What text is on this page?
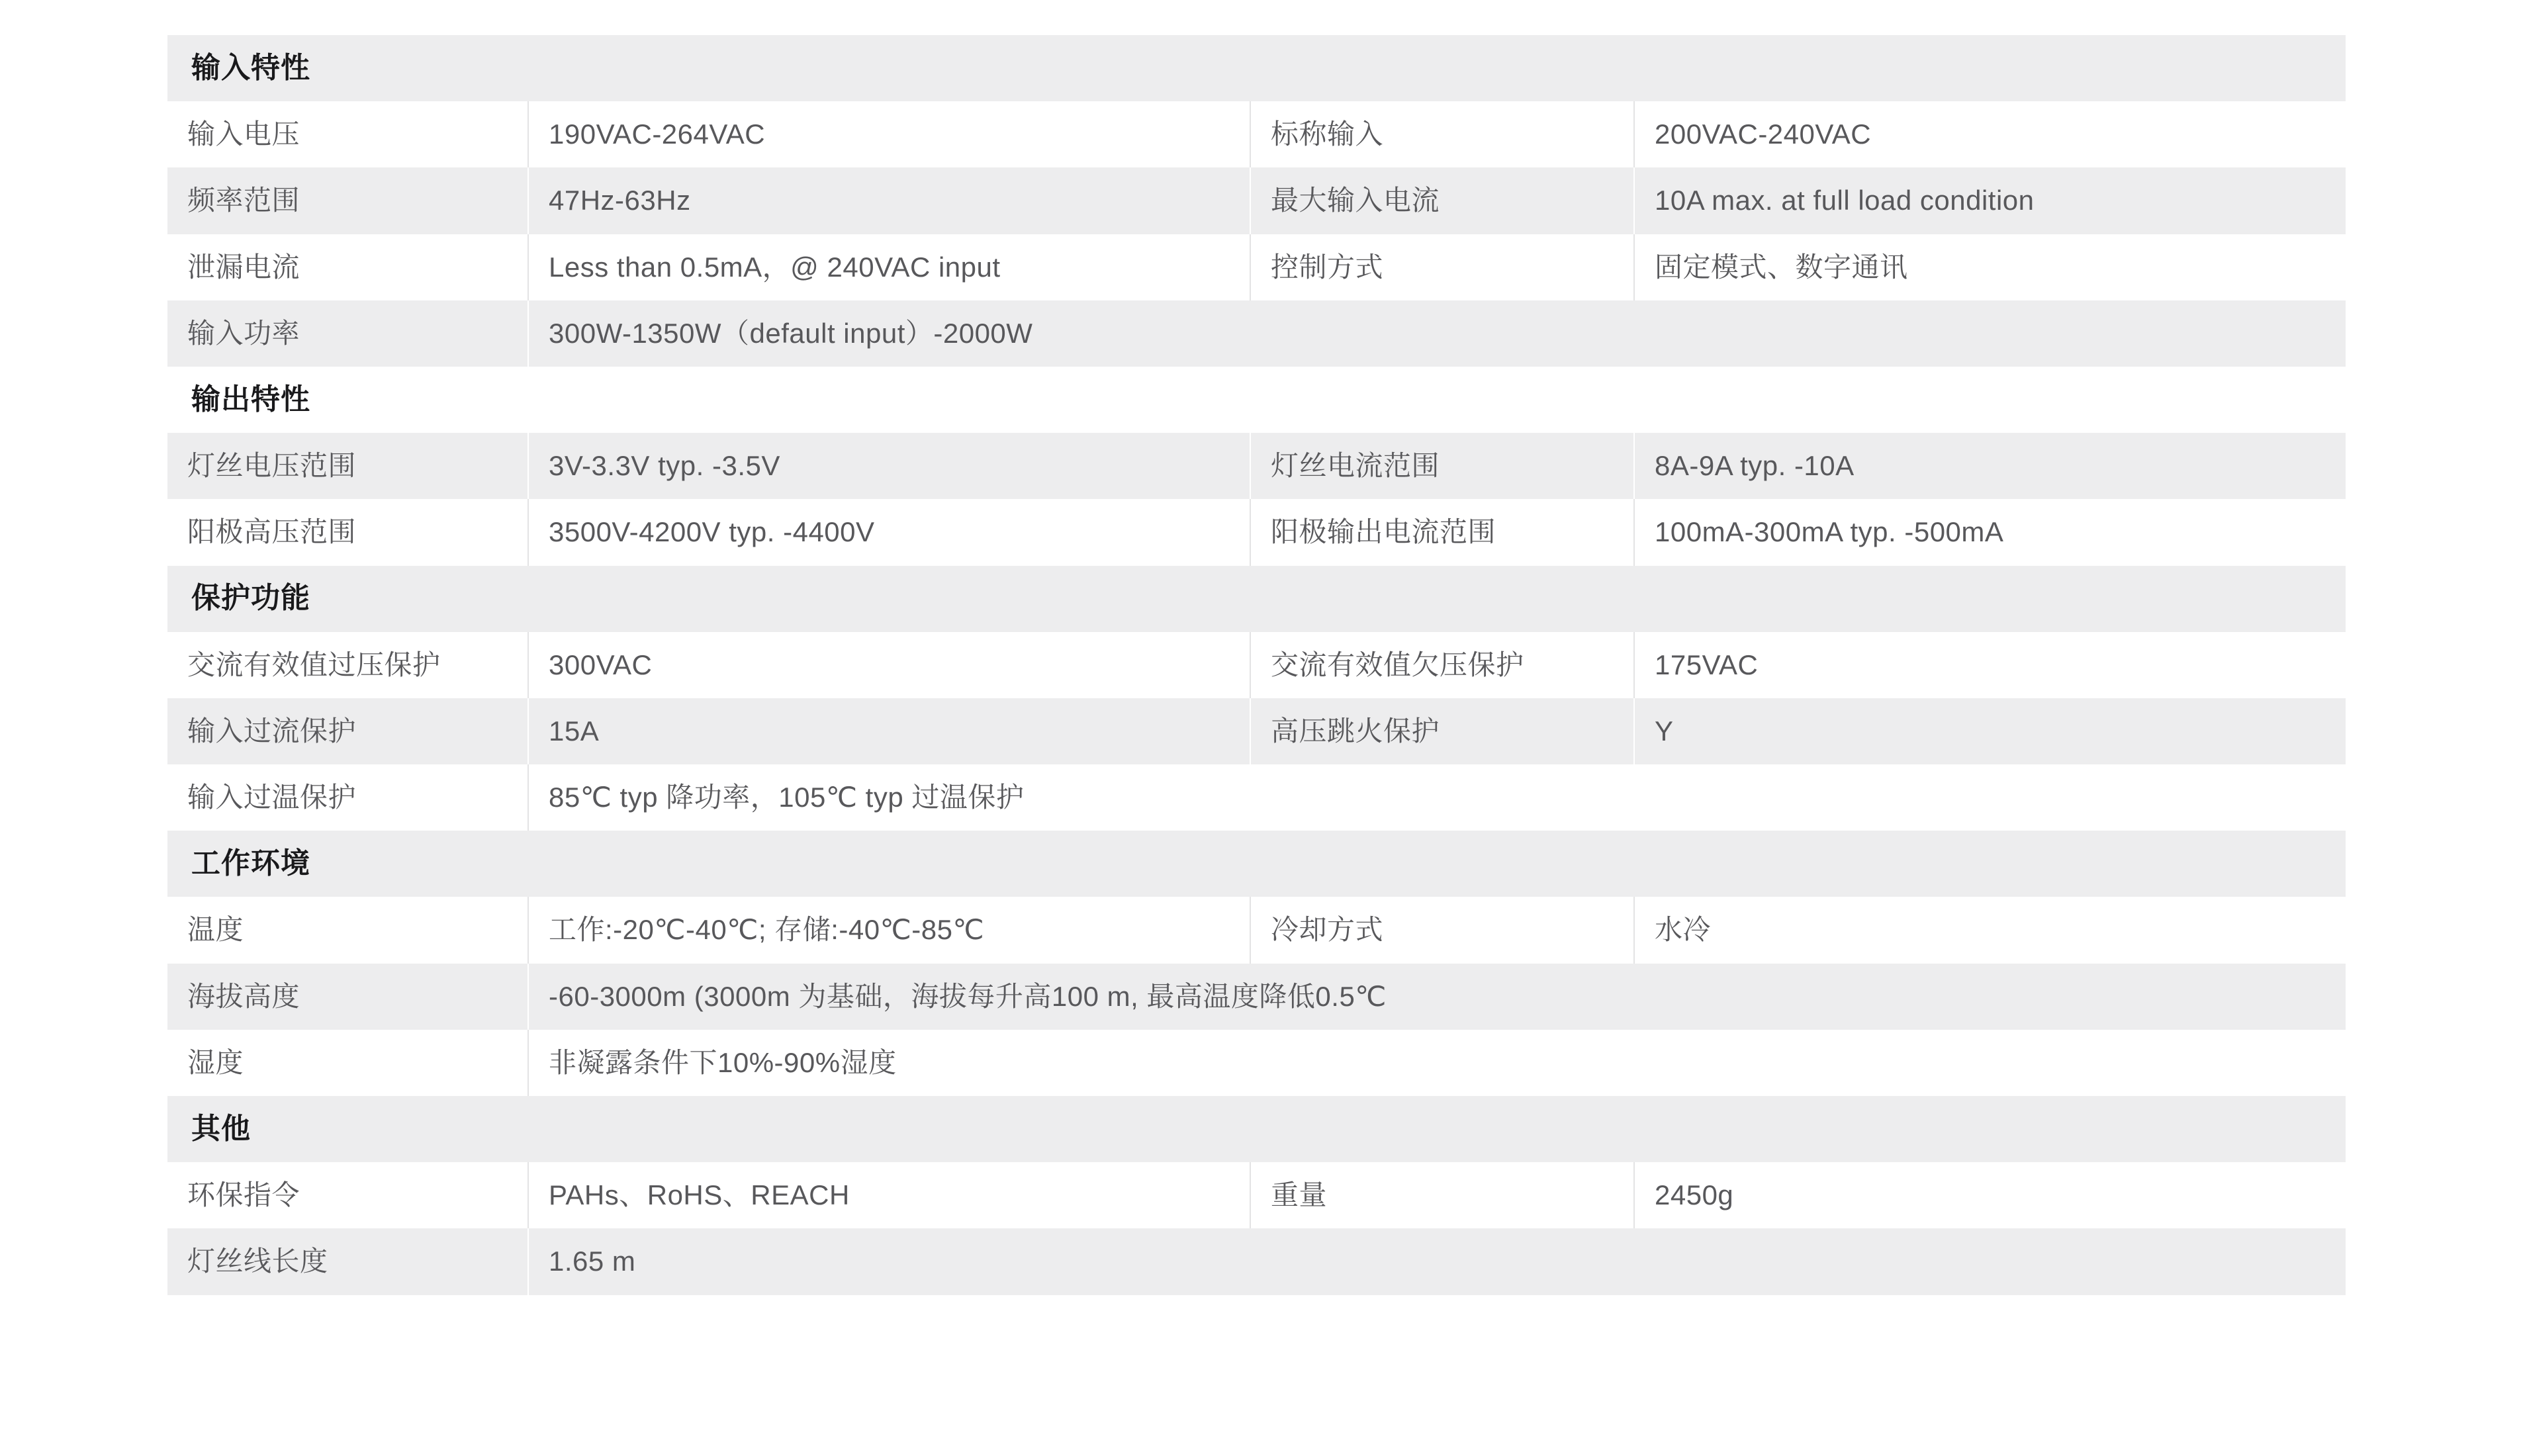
输入特性			
输入电压	190VAC-264VAC	标称输入	200VAC-240VAC
频率范围	47Hz-63Hz	最大输入电流	10A max. at full load condition
泄漏电流	Less than 0.5mA，@ 240VAC input	控制方式	固定模式、数字通讯
输入功率	300W-1350W（default input）-2000W		
输出特性			
灯丝电压范围	3V-3.3V typ. -3.5V	灯丝电流范围	8A-9A typ. -10A
阳极高压范围	3500V-4200V typ. -4400V	阳极输出电流范围	100mA-300mA typ. -500mA
保护功能			
交流有效值过压保护	300VAC	交流有效值欠压保护	175VAC
输入过流保护	15A	高压跳火保护	Y
输入过温保护	85℃ typ 降功率，105℃ typ 过温保护		
工作环境			
温度	工作:-20℃-40℃; 存储:-40℃-85℃	冷却方式	水冷
海拔高度	-60-3000m (3000m 为基础，海拔每升高100 m, 最高温度降低0.5℃		
湿度	非凝露条件下10%-90%湿度		
其他			
环保指令	PAHs、RoHS、REACH	重量	2450g
灯丝线长度	1.65 m		
